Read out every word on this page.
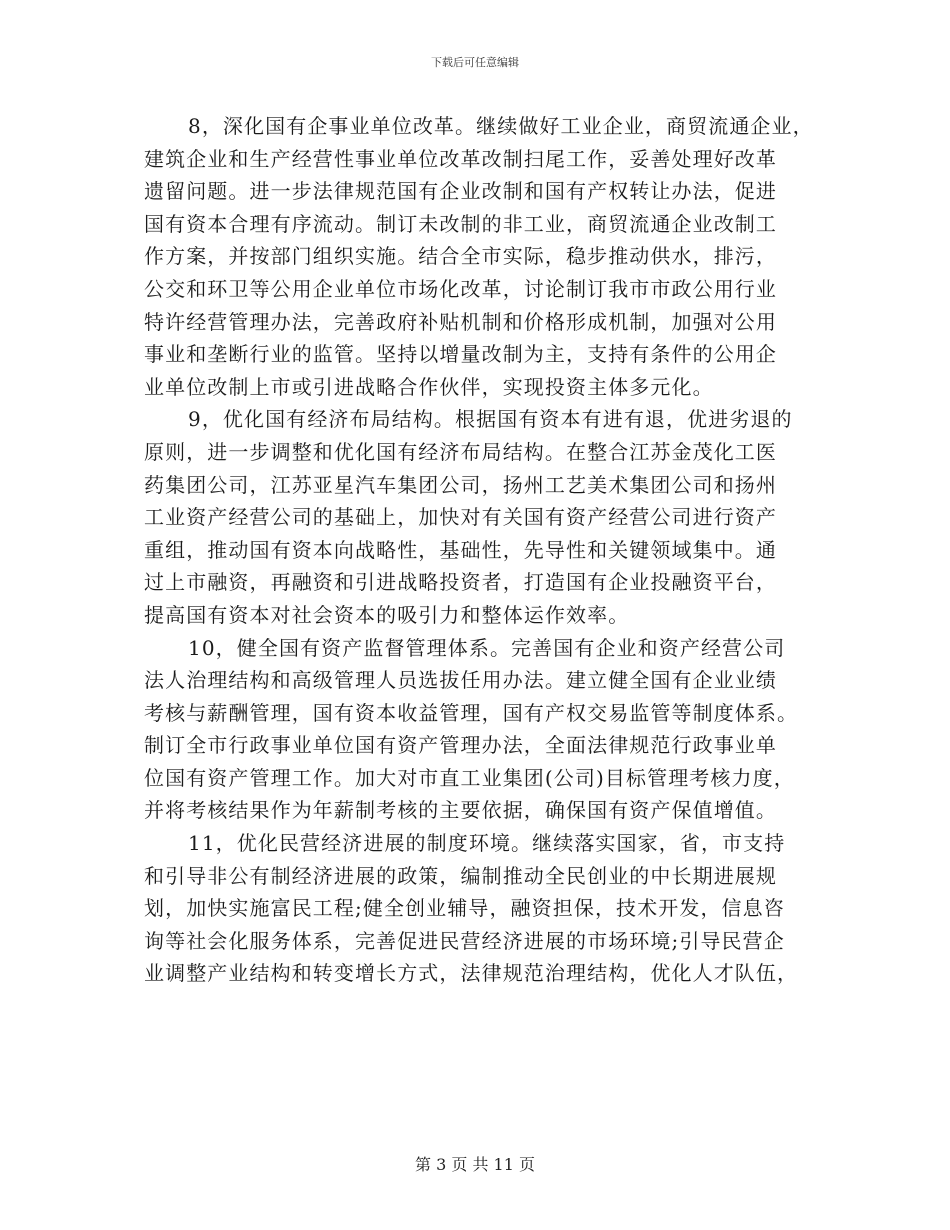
下载后可任意编辑
8，深化国有企事业单位改革。继续做好工业企业，商贸流通企业，
建筑企业和生产经营性事业单位改革改制扫尾工作，妥善处理好改革
遗留问题。进一步法律规范国有企业改制和国有产权转让办法，促进
国有资本合理有序流动。制订未改制的非工业，商贸流通企业改制工
作方案，并按部门组织实施。结合全市实际，稳步推动供水，排污，
公交和环卫等公用企业单位市场化改革，讨论制订我市市政公用行业
特许经营管理办法，完善政府补贴机制和价格形成机制，加强对公用
事业和垄断行业的监管。坚持以增量改制为主，支持有条件的公用企
业单位改制上市或引进战略合作伙伴，实现投资主体多元化。
9，优化国有经济布局结构。根据国有资本有进有退，优进劣退的
原则，进一步调整和优化国有经济布局结构。在整合江苏金茂化工医
药集团公司，江苏亚星汽车集团公司，扬州工艺美术集团公司和扬州
工业资产经营公司的基础上，加快对有关国有资产经营公司进行资产
重组，推动国有资本向战略性，基础性，先导性和关键领域集中。通
过上市融资，再融资和引进战略投资者，打造国有企业投融资平台，
提高国有资本对社会资本的吸引力和整体运作效率。
10，健全国有资产监督管理体系。完善国有企业和资产经营公司
法人治理结构和高级管理人员选拔任用办法。建立健全国有企业业绩
考核与薪酬管理，国有资本收益管理，国有产权交易监管等制度体系。
制订全市行政事业单位国有资产管理办法，全面法律规范行政事业单
位国有资产管理工作。加大对市直工业集团(公司)目标管理考核力度，
并将考核结果作为年薪制考核的主要依据，确保国有资产保值增值。
11，优化民营经济进展的制度环境。继续落实国家，省，市支持
和引导非公有制经济进展的政策，编制推动全民创业的中长期进展规
划，加快实施富民工程;健全创业辅导，融资担保，技术开发，信息咨
询等社会化服务体系，完善促进民营经济进展的市场环境;引导民营企
业调整产业结构和转变增长方式，法律规范治理结构，优化人才队伍，
第 3 页 共 11 页
